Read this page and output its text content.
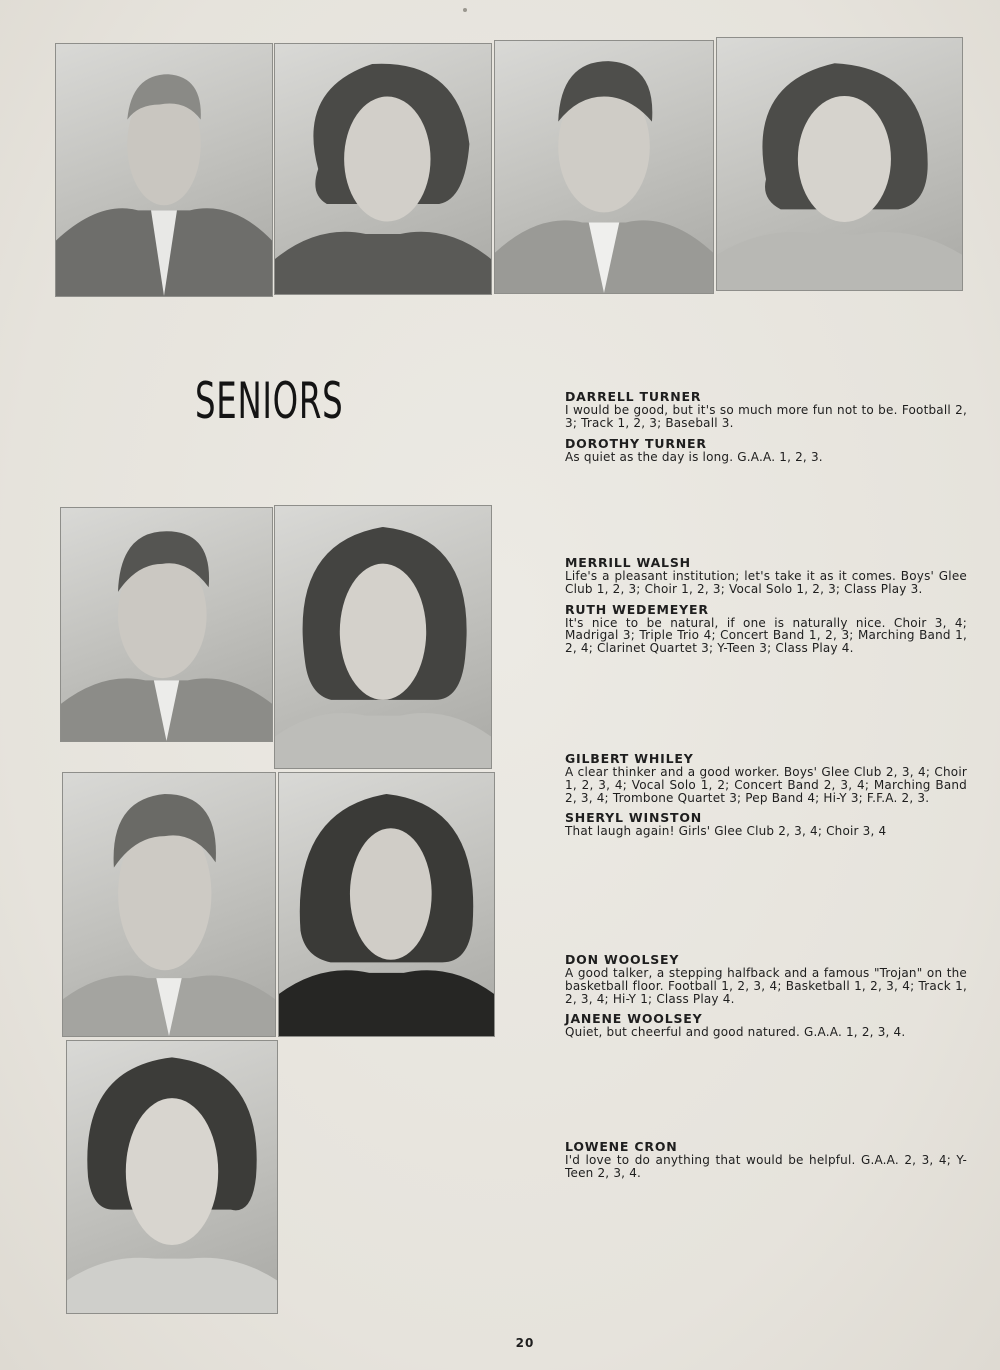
SENIORS	DARRELL TURNER

I would be good, but it's so much more fun not to be. Football 2, 3; Track 1, 2, 3; Baseball 3.

DOROTHY TURNER

As quiet as the day is long. G.A.A. 1, 2, 3.

MERRILL WALSH

Life's a pleasant institution; let's take it as it comes. Boys' Glee Club 1, 2, 3; Choir 1, 2, 3; Vocal Solo 1, 2, 3; Class Play 3.

RUTH WEDEMEYER

It's nice to be natural, if one is naturally nice. Choir 3, 4; Madrigal 3; Triple Trio 4; Concert Band 1, 2, 3; Marching Band 1, 2, 4; Clarinet Quartet 3; Y-Teen 3; Class Play 4.

GILBERT WHILEY

A clear thinker and a good worker. Boys' Glee Club 2, 3, 4; Choir 1, 2, 3, 4; Vocal Solo 1, 2; Concert Band 2, 3, 4; Marching Band 2, 3, 4; Trombone Quartet 3; Pep Band 4; Hi-Y 3; F.F.A. 2, 3.

SHERYL WINSTON

That laugh again! Girls' Glee Club 2, 3, 4; Choir 3, 4

DON WOOLSEY

A good talker, a stepping halfback and a famous "Trojan" on the basketball floor. Football 1, 2, 3, 4; Basketball 1, 2, 3, 4; Track 1, 2, 3, 4; Hi-Y 1; Class Play 4.

JANENE WOOLSEY

Quiet, but cheerful and good natured. G.A.A. 1, 2, 3, 4.

LOWENE CRON

I'd love to do anything that would be helpful. G.A.A. 2, 3, 4; Y-Teen 2, 3, 4.

20
